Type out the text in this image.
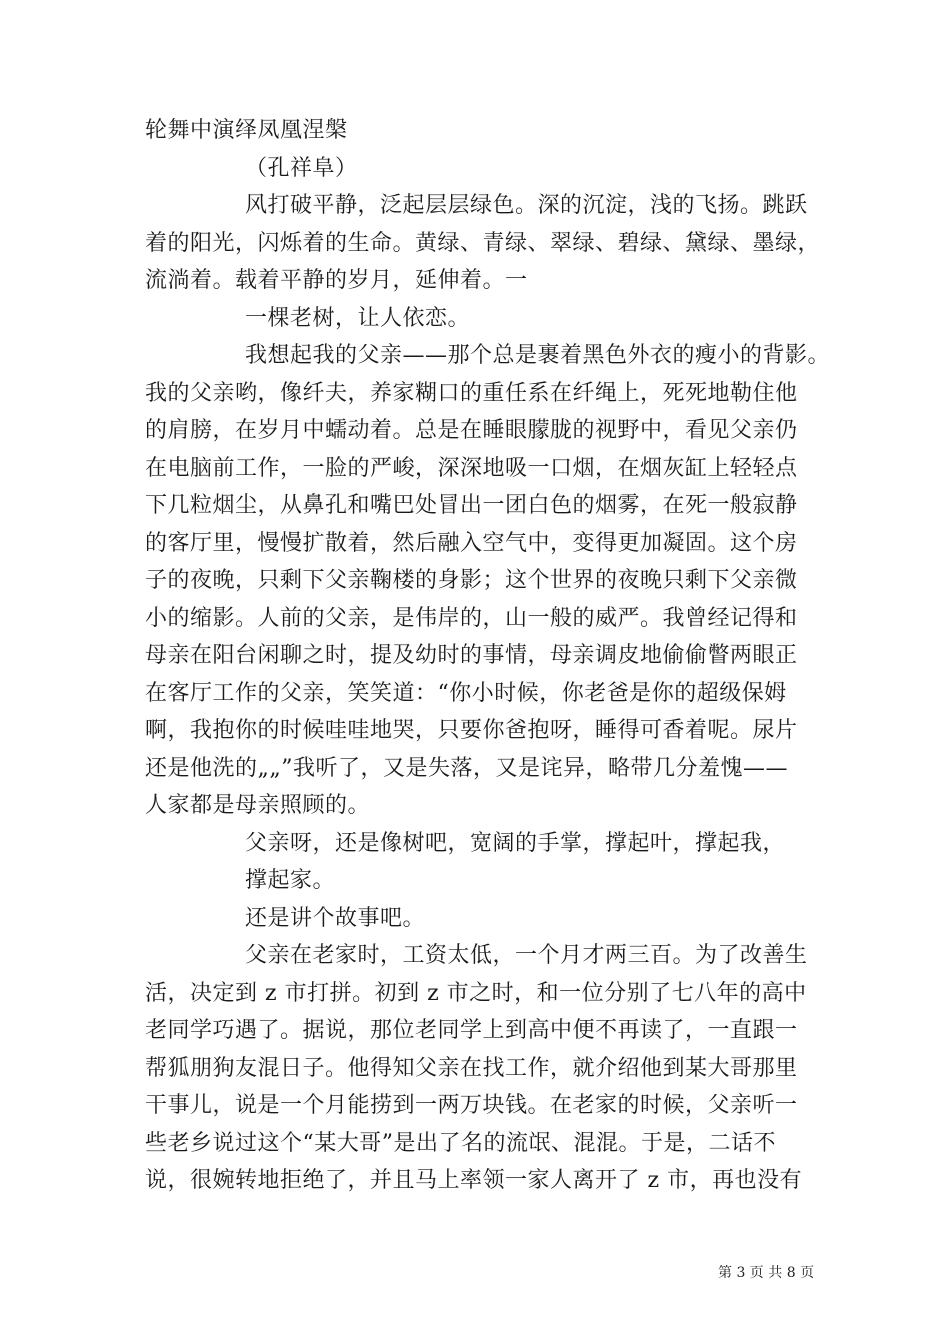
轮舞中演绎凤凰涅槃
（孔祥阜）
风打破平静，泛起层层绿色。深的沉淀，浅的飞扬。跳跃
着的阳光，闪烁着的生命。黄绿、青绿、翠绿、碧绿、黛绿、墨绿，
流淌着。载着平静的岁月，延伸着。一
一棵老树，让人依恋。
我想起我的父亲——那个总是裹着黑色外衣的瘦小的背影。
我的父亲哟，像纤夫，养家糊口的重任系在纤绳上，死死地勒住他
的肩膀，在岁月中蠕动着。总是在睡眼朦胧的视野中，看见父亲仍
在电脑前工作，一脸的严峻，深深地吸一口烟，在烟灰缸上轻轻点
下几粒烟尘，从鼻孔和嘴巴处冒出一团白色的烟雾，在死一般寂静
的客厅里，慢慢扩散着，然后融入空气中，变得更加凝固。这个房
子的夜晚，只剩下父亲鞠楼的身影；这个世界的夜晚只剩下父亲微
小的缩影。人前的父亲，是伟岸的，山一般的威严。我曾经记得和
母亲在阳台闲聊之时，提及幼时的事情，母亲调皮地偷偷瞥两眼正
在客厅工作的父亲，笑笑道：“你小时候，你老爸是你的超级保姆
啊，我抱你的时候哇哇地哭，只要你爸抱呀，睡得可香着呢。尿片
还是他洗的„„”我听了，又是失落，又是诧异，略带几分羞愧——
人家都是母亲照顾的。
父亲呀，还是像树吧，宽阔的手掌，撑起叶，撑起我，
撑起家。
还是讲个故事吧。
父亲在老家时，工资太低，一个月才两三百。为了改善生
活，决定到 z 市打拼。初到 z 市之时，和一位分别了七八年的高中
老同学巧遇了。据说，那位老同学上到高中便不再读了，一直跟一
帮狐朋狗友混日子。他得知父亲在找工作，就介绍他到某大哥那里
干事儿，说是一个月能捞到一两万块钱。在老家的时候，父亲听一
些老乡说过这个“某大哥”是出了名的流氓、混混。于是，二话不
说，很婉转地拒绝了，并且马上率领一家人离开了 z 市，再也没有
第 3 页 共 8 页
